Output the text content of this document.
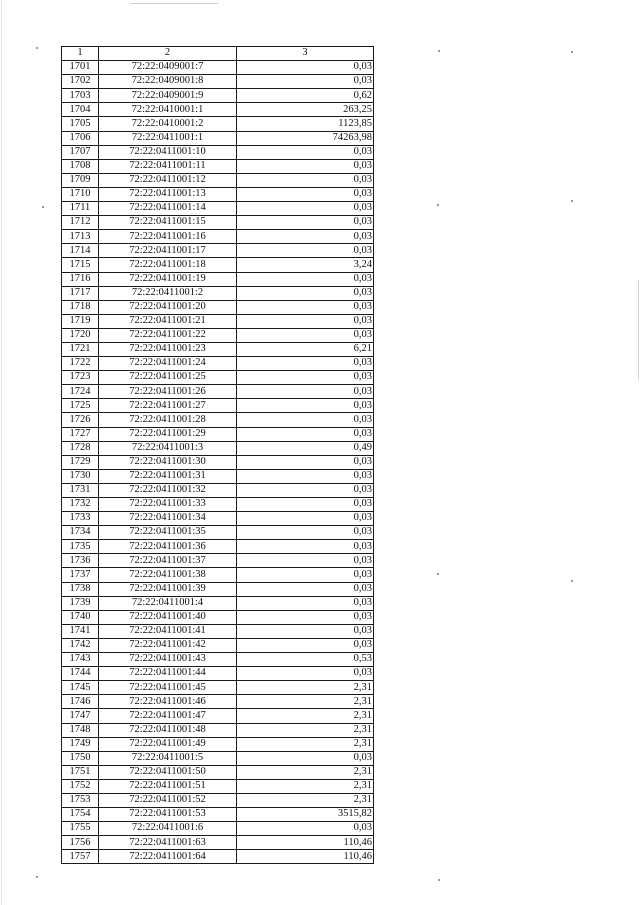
1	2	3
1701	72:22:0409001:7	0,03
1702	72:22:0409001:8	0,03
1703	72:22:0409001:9	0,62
1704	72:22:0410001:1	263,25
1705	72:22:0410001:2	1123,85
1706	72:22:0411001:1	74263,98
1707	72:22:0411001:10	0,03
1708	72:22:0411001:11	0,03
1709	72:22:0411001:12	0,03
1710	72:22:0411001:13	0,03
1711	72:22:0411001:14	0,03
1712	72:22:0411001:15	0,03
1713	72:22:0411001:16	0,03
1714	72:22:0411001:17	0,03
1715	72:22:0411001:18	3,24
1716	72:22:0411001:19	0,03
1717	72:22:0411001:2	0,03
1718	72:22:0411001:20	0,03
1719	72:22:0411001:21	0,03
1720	72:22:0411001:22	0,03
1721	72:22:0411001:23	6,21
1722	72:22:0411001:24	0,03
1723	72:22:0411001:25	0,03
1724	72:22:0411001:26	0,03
1725	72:22:0411001:27	0,03
1726	72:22:0411001:28	0,03
1727	72:22:0411001:29	0,03
1728	72:22:0411001:3	0,49
1729	72:22:0411001:30	0,03
1730	72:22:0411001:31	0,03
1731	72:22:0411001:32	0,03
1732	72:22:0411001:33	0,03
1733	72:22:0411001:34	0,03
1734	72:22:0411001:35	0,03
1735	72:22:0411001:36	0,03
1736	72:22:0411001:37	0,03
1737	72:22:0411001:38	0,03
1738	72:22:0411001:39	0,03
1739	72:22:0411001:4	0,03
1740	72:22:0411001:40	0,03
1741	72:22:0411001:41	0,03
1742	72:22:0411001:42	0,03
1743	72:22:0411001:43	0,53
1744	72:22:0411001:44	0,03
1745	72:22:0411001:45	2,31
1746	72:22:0411001:46	2,31
1747	72:22:0411001:47	2,31
1748	72:22:0411001:48	2,31
1749	72:22:0411001:49	2,31
1750	72:22:0411001:5	0,03
1751	72:22:0411001:50	2,31
1752	72:22:0411001:51	2,31
1753	72:22:0411001:52	2,31
1754	72:22:0411001:53	3515,82
1755	72:22:0411001:6	0,03
1756	72:22:0411001:63	110,46
1757	72:22:0411001:64	110,46
